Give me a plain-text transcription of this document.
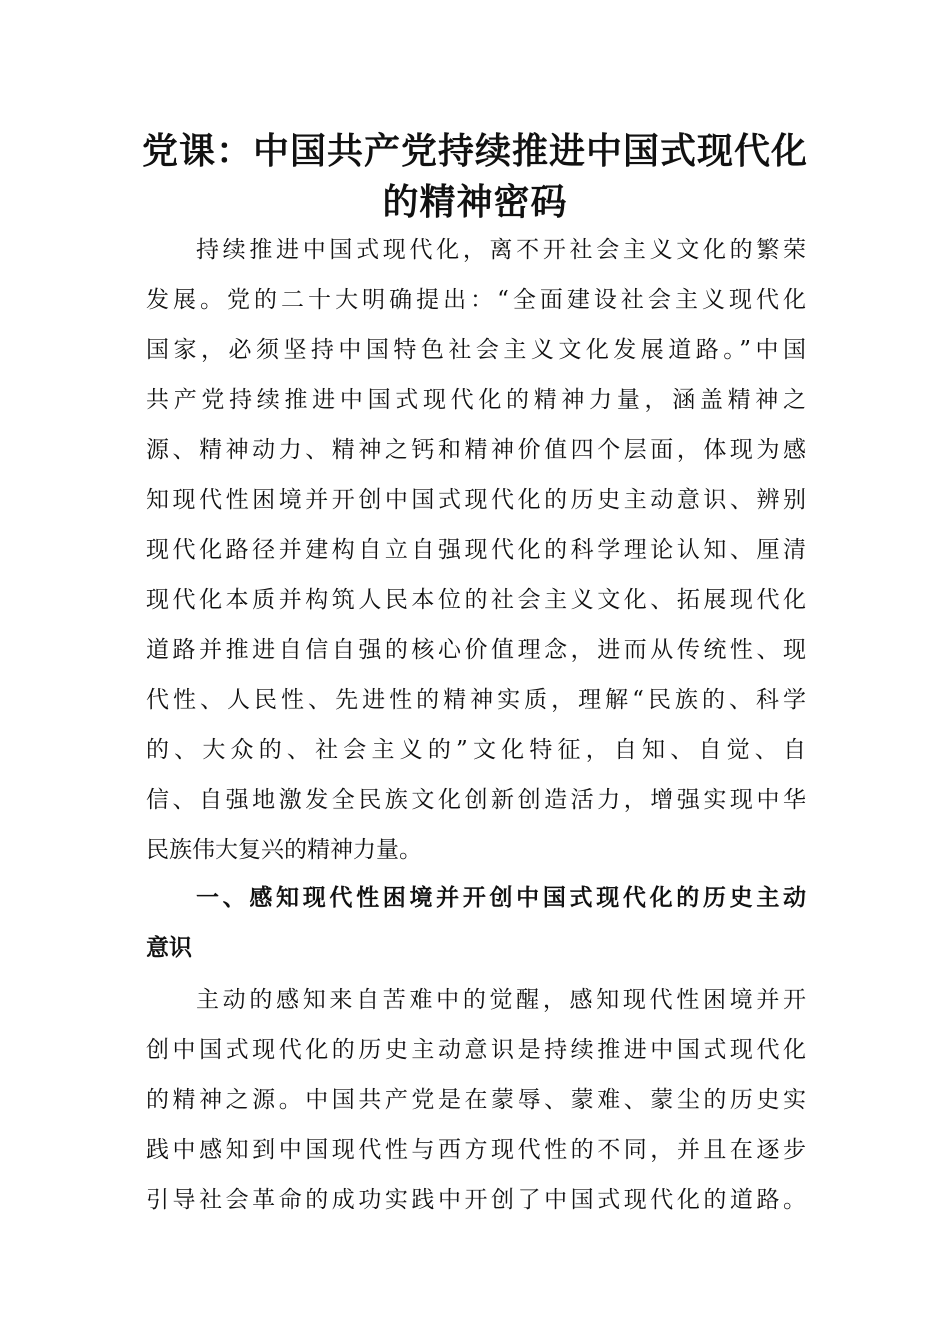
党课：中国共产党持续推进中国式现代化
的精神密码
持续推进中国式现代化，离不开社会主义文化的繁荣
发展。党的二十大明确提出：“全面建设社会主义现代化
国家，必须坚持中国特色社会主义文化发展道路。”中国
共产党持续推进中国式现代化的精神力量，涵盖精神之
源、精神动力、精神之钙和精神价值四个层面，体现为感
知现代性困境并开创中国式现代化的历史主动意识、辨别
现代化路径并建构自立自强现代化的科学理论认知、厘清
现代化本质并构筑人民本位的社会主义文化、拓展现代化
道路并推进自信自强的核心价值理念，进而从传统性、现
代性、人民性、先进性的精神实质，理解“民族的、科学
的、大众的、社会主义的”文化特征，自知、自觉、自
信、自强地激发全民族文化创新创造活力，增强实现中华
民族伟大复兴的精神力量。
一、感知现代性困境并开创中国式现代化的历史主动
意识
主动的感知来自苦难中的觉醒，感知现代性困境并开
创中国式现代化的历史主动意识是持续推进中国式现代化
的精神之源。中国共产党是在蒙辱、蒙难、蒙尘的历史实
践中感知到中国现代性与西方现代性的不同，并且在逐步
引导社会革命的成功实践中开创了中国式现代化的道路。
